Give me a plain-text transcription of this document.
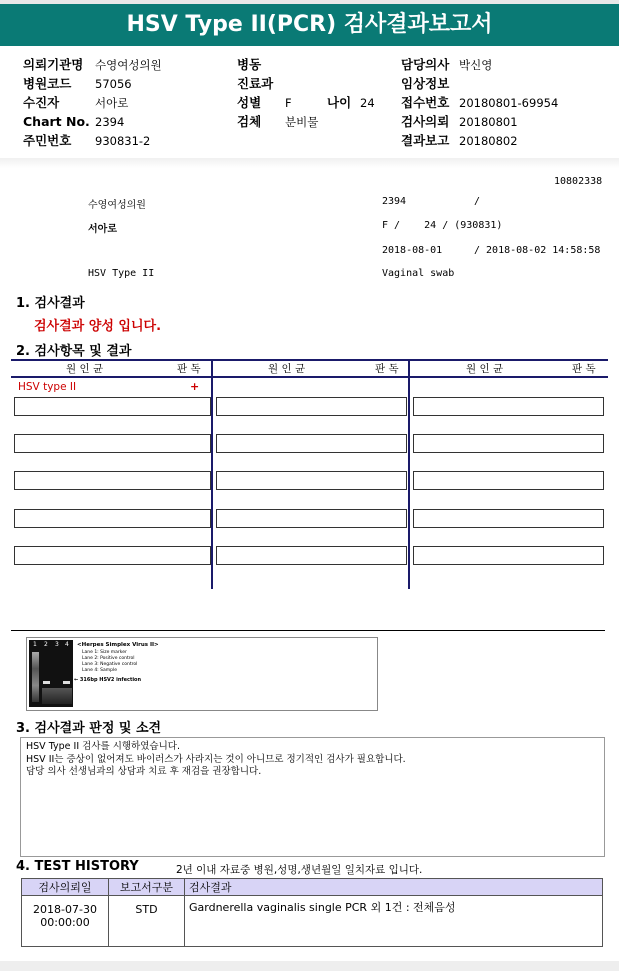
HSV Type II(PCR) 검사결과보고서
의뢰기관명 수영여성의원
병원코드 57056
수진자	서아로
Chart No. 2394
주민번호 930831-2
병동
진료과
성별 F	나이 24
검체 분비물
담당의사 박신영
임상정보
접수번호 20180801-69954
검사의뢰 20180801
결과보고 20180802
10802338
수영여성의원	2394	/
서아로	F /    24 / (930831)
2018-08-01	/ 2018-08-02 14:58:58
HSV Type II	Vaginal swab
1. 검사결과
검사결과 양성 입니다.
2. 검사항목 및 결과
원 인 균	판 독	원 인 균	판 독	원 인 균	판 독
HSV type II	+
1 2 3 4 <Herpes Simplex Virus II>
Lane 1: Size marker
Lane 2: Positive control
Lane 3: Negative control
Lane 4: Sample
← 316bp HSV2 infection
3. 검사결과 판정 및 소견
HSV Type II 검사를 시행하였습니다.
HSV II는 증상이 없어져도 바이러스가 사라지는 것이 아니므로 정기적인 검사가 필요합니다.
담당 의사 선생님과의 상담과 치료 후 재검을 권장합니다.
4. TEST HISTORY	2년 이내 자료중 병원,성명,생년월일 일치자료 입니다.
검사의뢰일	보고서구분	검사결과

2018-07-30
00:00:00	STD	Gardnerella vaginalis single PCR 외 1건 : 전체음성
